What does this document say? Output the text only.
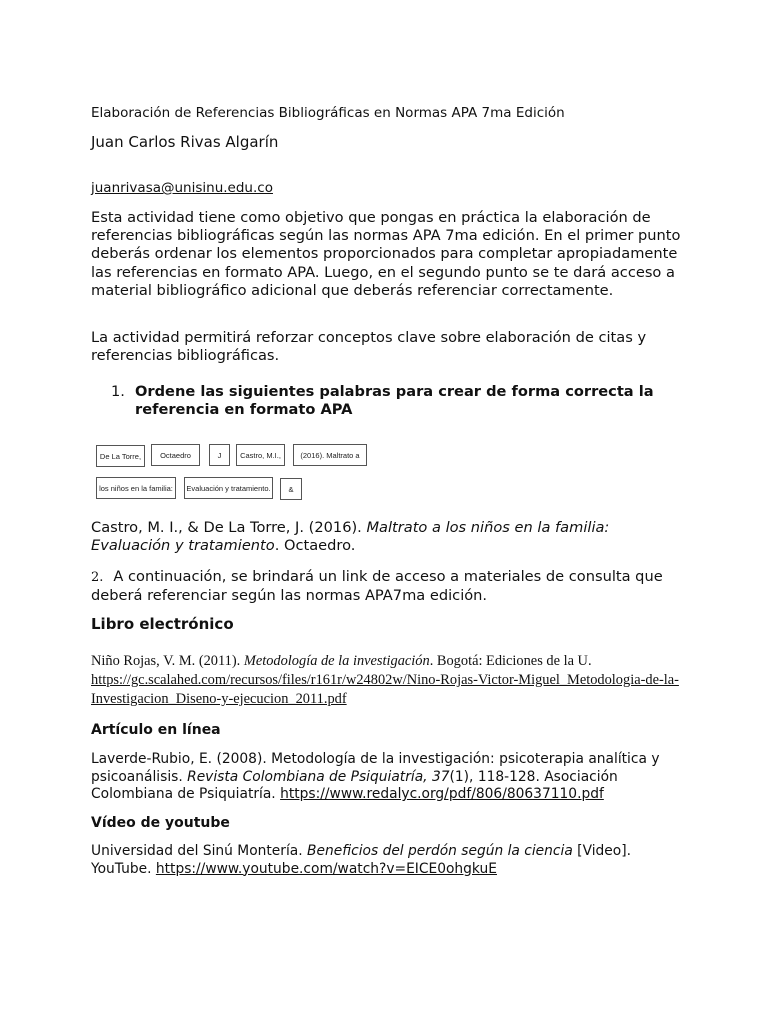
Elaboración de Referencias Bibliográficas en Normas APA 7ma Edición
Juan Carlos Rivas Algarín
juanrivasa@unisinu.edu.co
Esta actividad tiene como objetivo que pongas en práctica la elaboración de referencias bibliográficas según las normas APA 7ma edición. En el primer punto deberás ordenar los elementos proporcionados para completar apropiadamente las referencias en formato APA. Luego, en el segundo punto se te dará acceso a material bibliográfico adicional que deberás referenciar correctamente.
La actividad permitirá reforzar conceptos clave sobre elaboración de citas y referencias bibliográficas.
1. Ordene las siguientes palabras para crear de forma correcta la referencia en formato APA
De La Torre,	Octaedro	J	Castro, M.I.,	(2016). Maltrato a
los niños en la familia:	Evaluación y tratamiento.	&
Castro, M. I., & De La Torre, J. (2016). Maltrato a los niños en la familia: Evaluación y tratamiento. Octaedro.
2. A continuación, se brindará un link de acceso a materiales de consulta que deberá referenciar según las normas APA7ma edición.
Libro electrónico
Niño Rojas, V. M. (2011). Metodología de la investigación. Bogotá: Ediciones de la U. https://gc.scalahed.com/recursos/files/r161r/w24802w/Nino-Rojas-Victor-Miguel_Metodologia-de-la-Investigacion_Diseno-y-ejecucion_2011.pdf
Artículo en línea
Laverde-Rubio, E. (2008). Metodología de la investigación: psicoterapia analítica y psicoanálisis. Revista Colombiana de Psiquiatría, 37(1), 118-128. Asociación Colombiana de Psiquiatría. https://www.redalyc.org/pdf/806/80637110.pdf
Vídeo de youtube
Universidad del Sinú Montería. Beneficios del perdón según la ciencia [Video]. YouTube. https://www.youtube.com/watch?v=EICE0ohgkuE
